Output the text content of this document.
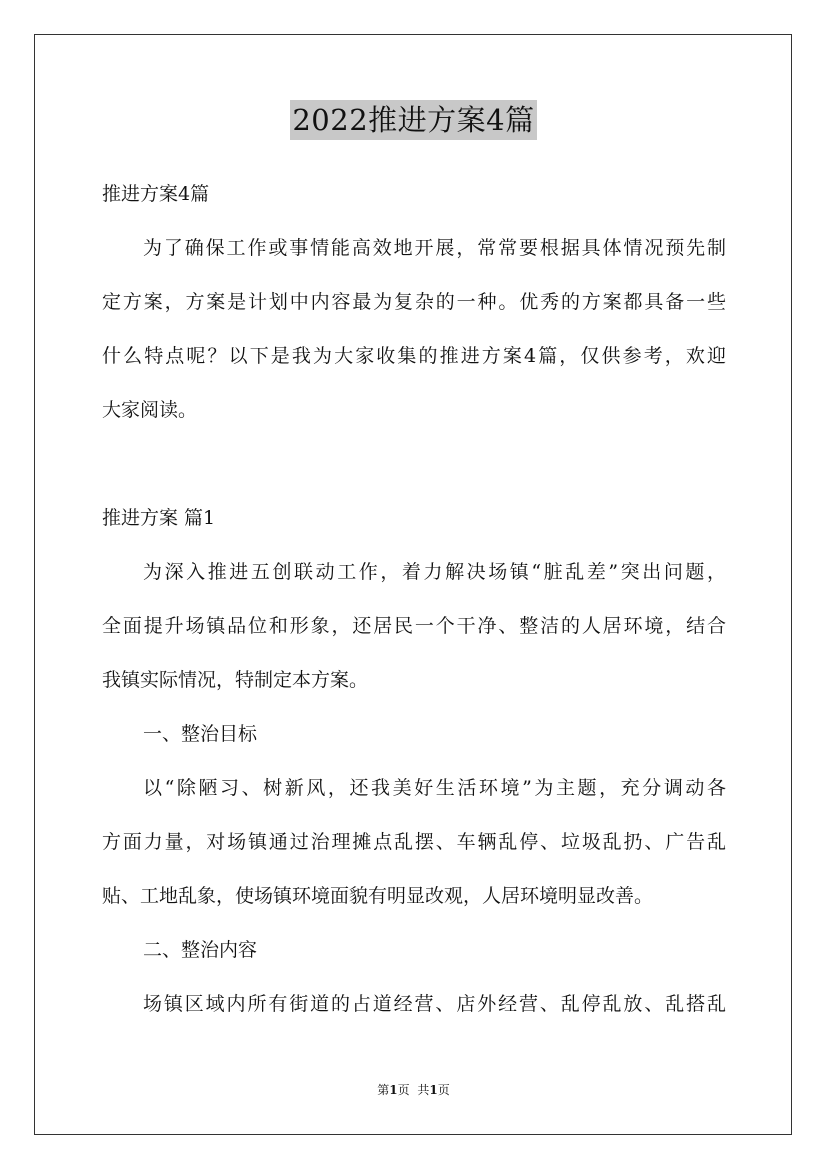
2022推进方案4篇
推进方案4篇
为了确保工作或事情能高效地开展，常常要根据具体情况预先制
定方案，方案是计划中内容最为复杂的一种。优秀的方案都具备一些
什么特点呢？以下是我为大家收集的推进方案4篇，仅供参考，欢迎
大家阅读。
推进方案 篇1
为深入推进五创联动工作，着力解决场镇“脏乱差”突出问题，
全面提升场镇品位和形象，还居民一个干净、整洁的人居环境，结合
我镇实际情况，特制定本方案。
一、整治目标
以“除陋习、树新风，还我美好生活环境”为主题，充分调动各
方面力量，对场镇通过治理摊点乱摆、车辆乱停、垃圾乱扔、广告乱
贴、工地乱象，使场镇环境面貌有明显改观，人居环境明显改善。
二、整治内容
场镇区域内所有街道的占道经营、店外经营、乱停乱放、乱搭乱
第1页 共1页
